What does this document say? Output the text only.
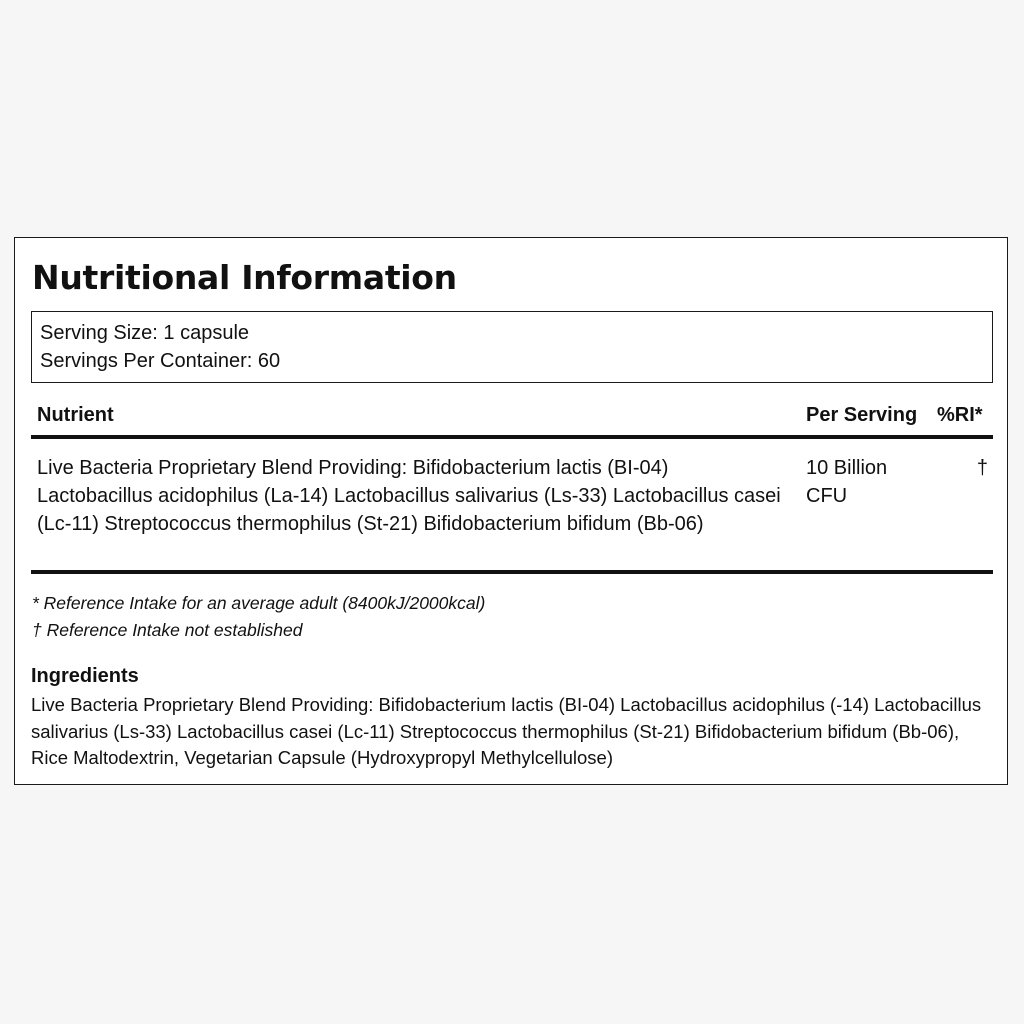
Nutritional Information
Serving Size: 1 capsule
Servings Per Container: 60
Nutrient	Per Serving %RI*
Live Bacteria Proprietary Blend Providing: Bifidobacterium lactis (BI-04) Lactobacillus acidophilus (La-14) Lactobacillus salivarius (Ls-33) Lactobacillus casei (Lc-11) Streptococcus thermophilus (St-21) Bifidobacterium bifidum (Bb-06)
10 Billion CFU
†
* Reference Intake for an average adult (8400kJ/2000kcal)
† Reference Intake not established
Ingredients

Live Bacteria Proprietary Blend Providing: Bifidobacterium lactis (BI-04) Lactobacillus acidophilus (-14) Lactobacillus salivarius (Ls-33) Lactobacillus casei (Lc-11) Streptococcus thermophilus (St-21) Bifidobacterium bifidum (Bb-06), Rice Maltodextrin, Vegetarian Capsule (Hydroxypropyl Methylcellulose)
